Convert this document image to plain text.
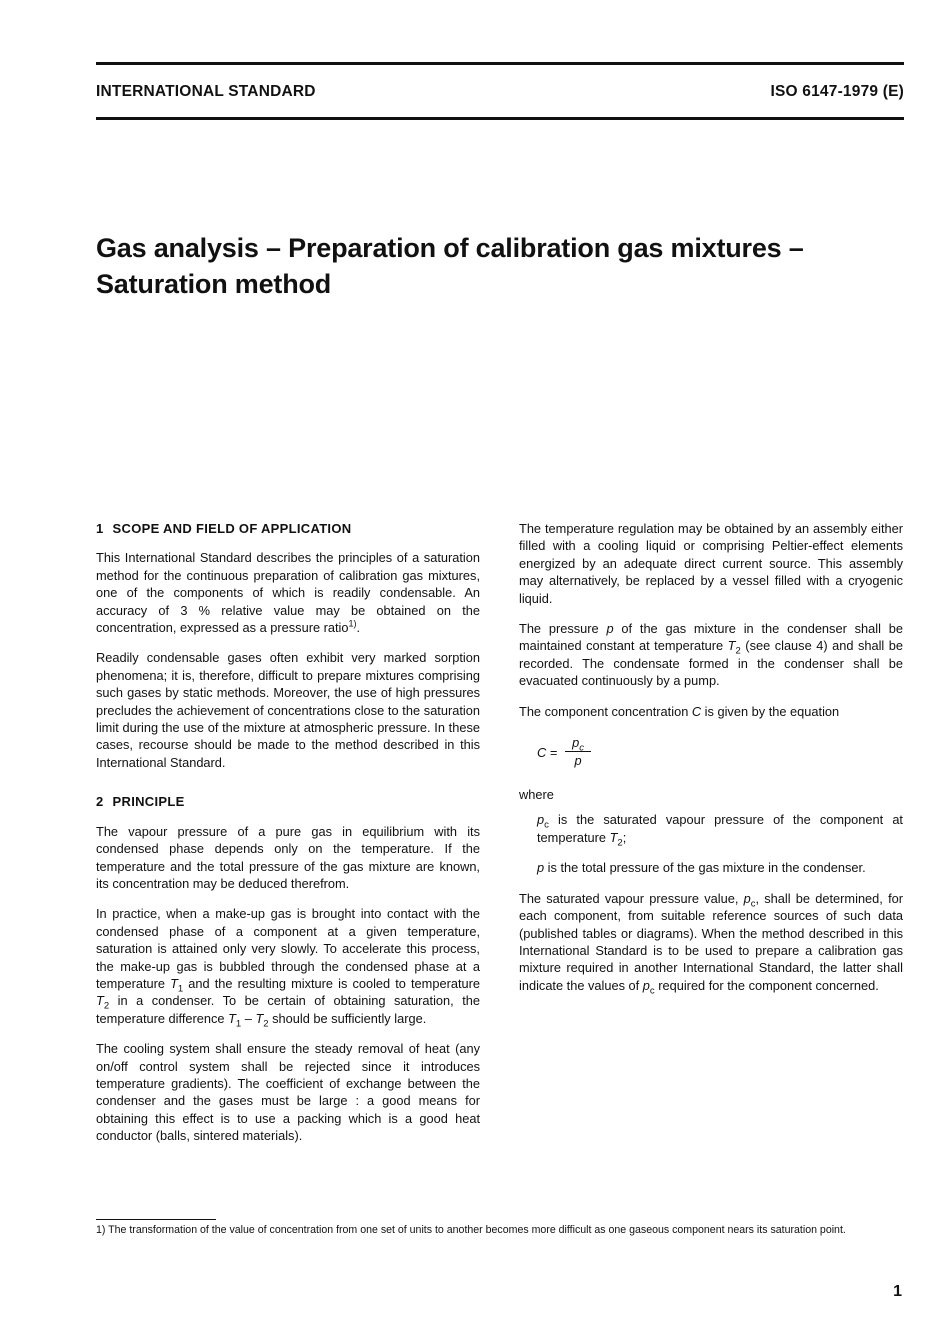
INTERNATIONAL STANDARD	ISO 6147-1979 (E)
Gas analysis – Preparation of calibration gas mixtures –
Saturation method
1 SCOPE AND FIELD OF APPLICATION

This International Standard describes the principles of a saturation method for the continuous preparation of calibration gas mixtures, one of the components of which is readily condensable. An accuracy of 3 % relative value may be obtained on the concentration, expressed as a pressure ratio$^{1)}$.

Readily condensable gases often exhibit very marked sorption phenomena; it is, therefore, difficult to prepare mixtures comprising such gases by static methods. Moreover, the use of high pressures precludes the achievement of concentrations close to the saturation limit during the use of the mixture at atmospheric pressure. In these cases, recourse should be made to the method described in this International Standard.

2 PRINCIPLE

The vapour pressure of a pure gas in equilibrium with its condensed phase depends only on the temperature. If the temperature and the total pressure of the gas mixture are known, its concentration may be deduced therefrom.

In practice, when a make-up gas is brought into contact with the condensed phase of a component at a given temperature, saturation is attained only very slowly. To accelerate this process, the make-up gas is bubbled through the condensed phase at a temperature $T_1$ and the resulting mixture is cooled to temperature $T_2$ in a condenser. To be certain of obtaining saturation, the temperature difference $T_1 - T_2$ should be sufficiently large.

The cooling system shall ensure the steady removal of heat (any on/off control system shall be rejected since it introduces temperature gradients). The coefficient of exchange between the condenser and the gases must be large : a good means for obtaining this effect is to use a packing which is a good heat conductor (balls, sintered materials).

The temperature regulation may be obtained by an assembly either filled with a cooling liquid or comprising Peltier-effect elements energized by an adequate direct current source. This assembly may alternatively, be replaced by a vessel filled with a cryogenic liquid.

The pressure p of the gas mixture in the condenser shall be maintained constant at temperature $T_2$ (see clause 4) and shall be recorded. The condensate formed in the condenser shall be evacuated continuously by a pump.

The component concentration C is given by the equation

$C = \frac{p_c}{p}$

where

$p_c$ is the saturated vapour pressure of the component at temperature $T_2$;

p is the total pressure of the gas mixture in the condenser.

The saturated vapour pressure value, $p_c$, shall be determined, for each component, from suitable reference sources of such data (published tables or diagrams). When the method described in this International Standard is to be used to prepare a calibration gas mixture required in another International Standard, the latter shall indicate the values of $p_c$ required for the component concerned.

1) The transformation of the value of concentration from one set of units to another becomes more difficult as one gaseous component nears its saturation point.

1
